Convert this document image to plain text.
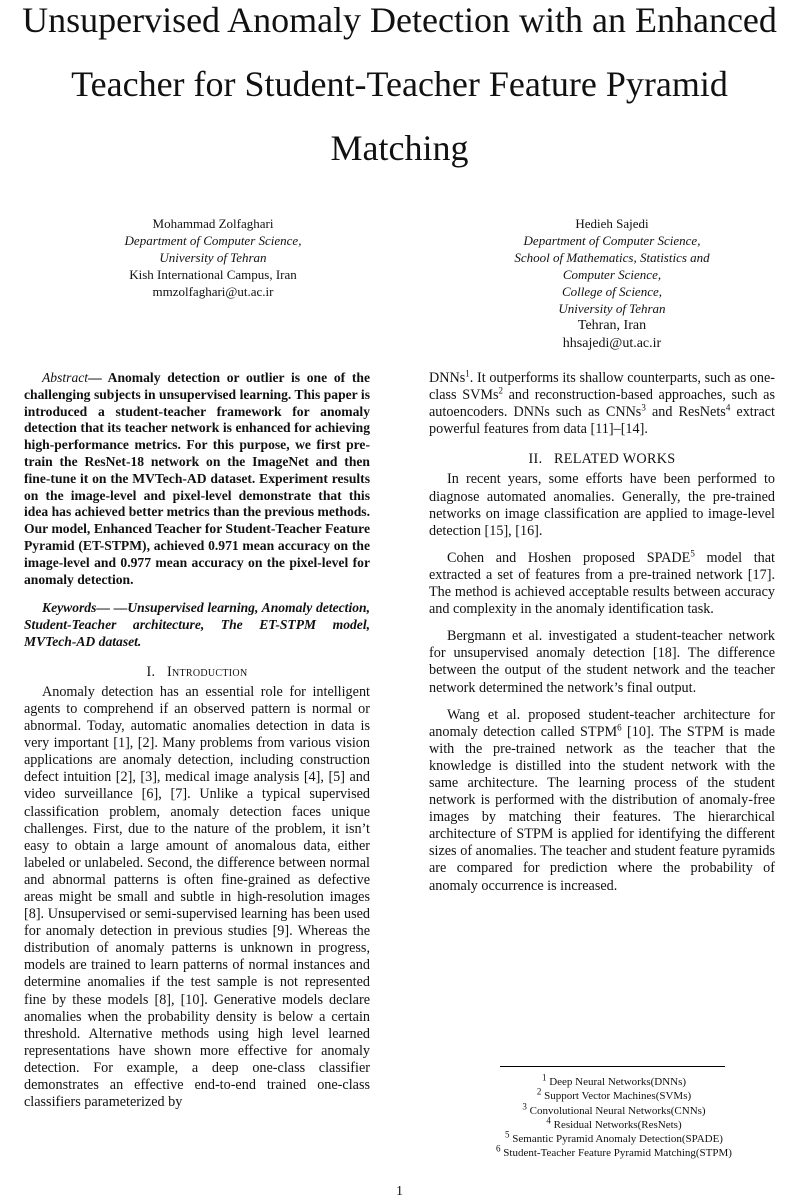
Unsupervised Anomaly Detection with an Enhanced
Teacher for Student-Teacher Feature Pyramid
Matching
Mohammad Zolfaghari
Department of Computer Science,
University of Tehran
Kish International Campus, Iran
mmzolfaghari@ut.ac.ir
Hedieh Sajedi
Department of Computer Science,
School of Mathematics, Statistics and
Computer Science,
College of Science,
University of Tehran
Tehran, Iran
hhsajedi@ut.ac.ir

Abstract— Anomaly detection or outlier is one of the challenging subjects in unsupervised learning. This paper is introduced a student-teacher framework for anomaly detection that its teacher network is enhanced for achieving high-performance metrics. For this purpose, we first pre-train the ResNet-18 network on the ImageNet and then fine-tune it on the MVTech-AD dataset. Experiment results on the image-level and pixel-level demonstrate that this idea has achieved better metrics than the previous methods. Our model, Enhanced Teacher for Student-Teacher Feature Pyramid (ET-STPM), achieved 0.971 mean accuracy on the image-level and 0.977 mean accuracy on the pixel-level for anomaly detection.

Keywords— —Unsupervised learning, Anomaly detection, Student-Teacher architecture, The ET-STPM model, MVTech-AD dataset.

I. Introduction

Anomaly detection has an essential role for intelligent agents to comprehend if an observed pattern is normal or abnormal. Today, automatic anomalies detection in data is very important [1], [2]. Many problems from various vision applications are anomaly detection, including construction defect intuition [2], [3], medical image analysis [4], [5] and video surveillance [6], [7]. Unlike a typical supervised classification problem, anomaly detection faces unique challenges. First, due to the nature of the problem, it isn’t easy to obtain a large amount of anomalous data, either labeled or unlabeled. Second, the difference between normal and abnormal patterns is often fine-grained as defective areas might be small and subtle in high-resolution images [8]. Unsupervised or semi-supervised learning has been used for anomaly detection in previous studies [9]. Whereas the distribution of anomaly patterns is unknown in progress, models are trained to learn patterns of normal instances and determine anomalies if the test sample is not represented fine by these models [8], [10]. Generative models declare anomalies when the probability density is below a certain threshold. Alternative methods using high level learned representations have shown more effective for anomaly detection. For example, a deep one-class classifier demonstrates an effective end-to-end trained one-class classifiers parameterized by

DNNs$^1$. It outperforms its shallow counterparts, such as one-class SVMs$^2$ and reconstruction-based approaches, such as autoencoders. DNNs such as CNNs$^3$ and ResNets$^4$ extract powerful features from data [11]–[14].

II. RELATED WORKS

In recent years, some efforts have been performed to diagnose automated anomalies. Generally, the pre-trained networks on image classification are applied to image-level detection [15], [16].

Cohen and Hoshen proposed SPADE$^5$ model that extracted a set of features from a pre-trained network [17]. The method is achieved acceptable results between accuracy and complexity in the anomaly identification task.

Bergmann et al. investigated a student-teacher network for unsupervised anomaly detection [18]. The difference between the output of the student network and the teacher network determined the network’s final output.

Wang et al. proposed student-teacher architecture for anomaly detection called STPM$^6$ [10]. The STPM is made with the pre-trained network as the teacher that the knowledge is distilled into the student network with the same architecture. The learning process of the student network is performed with the distribution of anomaly-free images by matching their features. The hierarchical architecture of STPM is applied for identifying the different sizes of anomalies. The teacher and student feature pyramids are compared for prediction where the probability of anomaly occurrence is increased.

$^1$ Deep Neural Networks(DNNs)
$^2$ Support Vector Machines(SVMs)
$^3$ Convolutional Neural Networks(CNNs)
$^4$ Residual Networks(ResNets)
$^5$ Semantic Pyramid Anomaly Detection(SPADE)
$^6$ Student-Teacher Feature Pyramid Matching(STPM)
1
